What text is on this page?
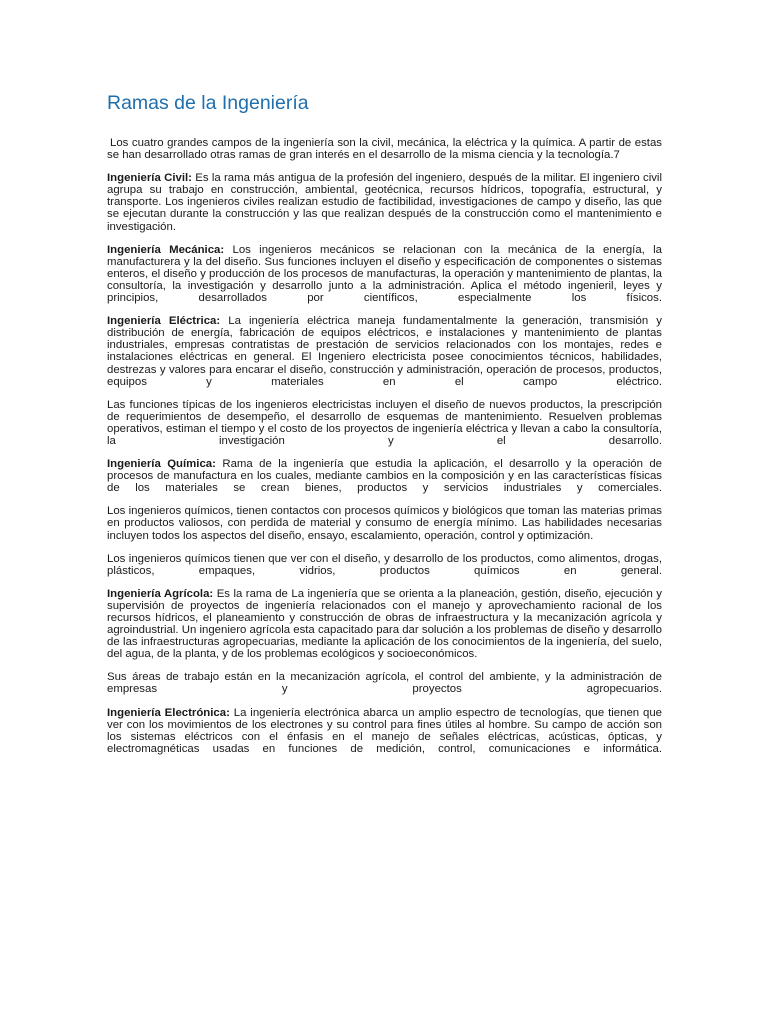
Ramas de la Ingeniería

Los cuatro grandes campos de la ingeniería son la civil, mecánica, la eléctrica y la química. A partir de estas se han desarrollado otras ramas de gran interés en el desarrollo de la misma ciencia y la tecnología.7

Ingeniería Civil: Es la rama más antigua de la profesión del ingeniero, después de la militar. El ingeniero civil agrupa su trabajo en construcción, ambiental, geotécnica, recursos hídricos, topografía, estructural, y transporte. Los ingenieros civiles realizan estudio de factibilidad, investigaciones de campo y diseño, las que se ejecutan durante la construcción y las que realizan después de la construcción como el mantenimiento e investigación.

Ingeniería Mecánica: Los ingenieros mecánicos se relacionan con la mecánica de la energía, la manufacturera y la del diseño. Sus funciones incluyen el diseño y especificación de componentes o sistemas enteros, el diseño y producción de los procesos de manufacturas, la operación y mantenimiento de plantas, la consultoría, la investigación y desarrollo junto a la administración. Aplica el método ingenieril, leyes y principios, desarrollados por científicos, especialmente los físicos.

Ingeniería Eléctrica: La ingeniería eléctrica maneja fundamentalmente la generación, transmisión y distribución de energía, fabricación de equipos eléctricos, e instalaciones y mantenimiento de plantas industriales, empresas contratistas de prestación de servicios relacionados con los montajes, redes e instalaciones eléctricas en general. El Ingeniero electricista posee conocimientos técnicos, habilidades, destrezas y valores para encarar el diseño, construcción y administración, operación de procesos, productos, equipos y materiales en el campo eléctrico.

Las funciones típicas de los ingenieros electricistas incluyen el diseño de nuevos productos, la prescripción de requerimientos de desempeño, el desarrollo de esquemas de mantenimiento. Resuelven problemas operativos, estiman el tiempo y el costo de los proyectos de ingeniería eléctrica y llevan a cabo la consultoría, la investigación y el desarrollo.

Ingeniería Química: Rama de la ingeniería que estudia la aplicación, el desarrollo y la operación de procesos de manufactura en los cuales, mediante cambios en la composición y en las características físicas de los materiales se crean bienes, productos y servicios industriales y comerciales.

Los ingenieros químicos, tienen contactos con procesos químicos y biológicos que toman las materias primas en productos valiosos, con perdida de material y consumo de energía mínimo. Las habilidades necesarias incluyen todos los aspectos del diseño, ensayo, escalamiento, operación, control y optimización.

Los ingenieros químicos tienen que ver con el diseño, y desarrollo de los productos, como alimentos, drogas, plásticos, empaques, vidrios, productos químicos en general.

Ingeniería Agrícola: Es la rama de La ingeniería que se orienta a la planeación, gestión, diseño, ejecución y supervisión de proyectos de ingeniería relacionados con el manejo y aprovechamiento racional de los recursos hídricos, el planeamiento y construcción de obras de infraestructura y la mecanización agrícola y agroindustrial. Un ingeniero agrícola esta capacitado para dar solución a los problemas de diseño y desarrollo de las infraestructuras agropecuarias, mediante la aplicación de los conocimientos de la ingeniería, del suelo, del agua, de la planta, y de los problemas ecológicos y socioeconómicos.

Sus áreas de trabajo están en la mecanización agrícola, el control del ambiente, y la administración de empresas y proyectos agropecuarios.

Ingeniería Electrónica: La ingeniería electrónica abarca un amplio espectro de tecnologías, que tienen que ver con los movimientos de los electrones y su control para fines útiles al hombre. Su campo de acción son los sistemas eléctricos con el énfasis en el manejo de señales eléctricas, acústicas, ópticas, y electromagnéticas usadas en funciones de medición, control, comunicaciones e informática.
